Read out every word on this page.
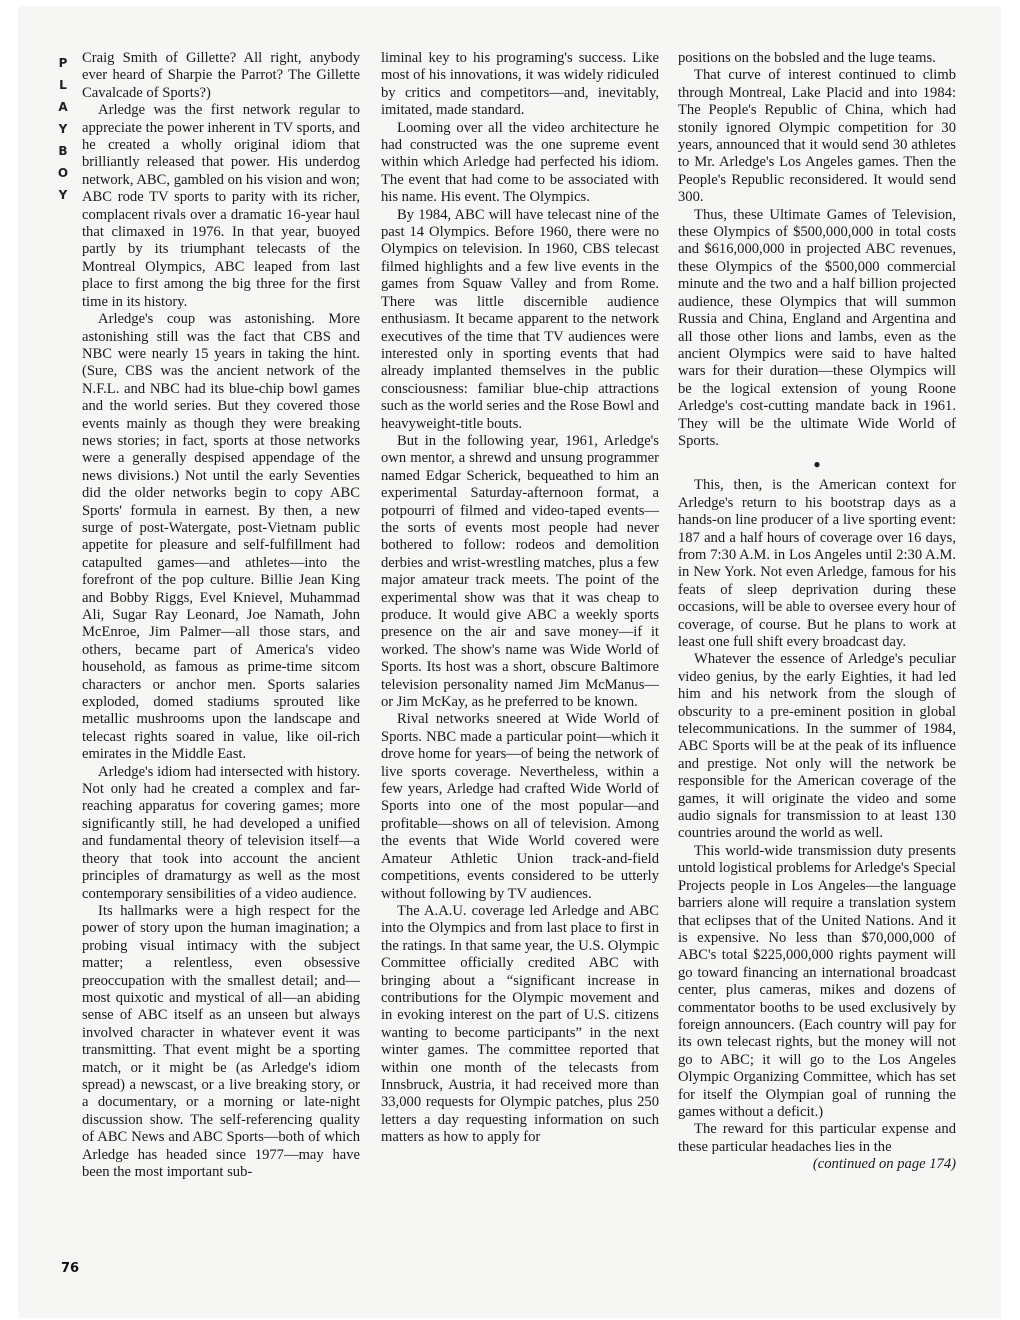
P
L
A
Y
B
O
Y
76

Craig Smith of Gillette? All right, anybody ever heard of Sharpie the Parrot? The Gillette Cavalcade of Sports?)

Arledge was the first network regular to appreciate the power inherent in TV sports, and he created a wholly original idiom that brilliantly released that power. His underdog network, ABC, gambled on his vision and won; ABC rode TV sports to parity with its richer, complacent rivals over a dramatic 16-year haul that climaxed in 1976. In that year, buoyed partly by its triumphant telecasts of the Montreal Olympics, ABC leaped from last place to first among the big three for the first time in its history.

Arledge's coup was astonishing. More astonishing still was the fact that CBS and NBC were nearly 15 years in taking the hint. (Sure, CBS was the ancient network of the N.F.L. and NBC had its blue-chip bowl games and the world series. But they covered those events mainly as though they were breaking news stories; in fact, sports at those networks were a generally despised appendage of the news divisions.) Not until the early Seventies did the older networks begin to copy ABC Sports' formula in earnest. By then, a new surge of post-Watergate, post-Vietnam public appetite for pleasure and self-fulfillment had catapulted games—and athletes—into the forefront of the pop culture. Billie Jean King and Bobby Riggs, Evel Knievel, Muhammad Ali, Sugar Ray Leonard, Joe Namath, John McEnroe, Jim Palmer—all those stars, and others, became part of America's video household, as famous as prime-time sitcom characters or anchor men. Sports salaries exploded, domed stadiums sprouted like metallic mushrooms upon the landscape and telecast rights soared in value, like oil-rich emirates in the Middle East.

Arledge's idiom had intersected with history. Not only had he created a complex and far-reaching apparatus for covering games; more significantly still, he had developed a unified and fundamental theory of television itself—a theory that took into account the ancient principles of dramaturgy as well as the most contemporary sensibilities of a video audience.

Its hallmarks were a high respect for the power of story upon the human imagination; a probing visual intimacy with the subject matter; a relentless, even obsessive preoccupation with the smallest detail; and—most quixotic and mystical of all—an abiding sense of ABC itself as an unseen but always involved character in whatever event it was transmitting. That event might be a sporting match, or it might be (as Arledge's idiom spread) a newscast, or a live breaking story, or a documentary, or a morning or late-night discussion show. The self-referencing quality of ABC News and ABC Sports—both of which Arledge has headed since 1977—may have been the most important sub-

liminal key to his programing's success. Like most of his innovations, it was widely ridiculed by critics and competitors—and, inevitably, imitated, made standard.

Looming over all the video architecture he had constructed was the one supreme event within which Arledge had perfected his idiom. The event that had come to be associated with his name. His event. The Olympics.

By 1984, ABC will have telecast nine of the past 14 Olympics. Before 1960, there were no Olympics on television. In 1960, CBS telecast filmed highlights and a few live events in the games from Squaw Valley and from Rome. There was little discernible audience enthusiasm. It became apparent to the network executives of the time that TV audiences were interested only in sporting events that had already implanted themselves in the public consciousness: familiar blue-chip attractions such as the world series and the Rose Bowl and heavyweight-title bouts.

But in the following year, 1961, Arledge's own mentor, a shrewd and unsung programmer named Edgar Scherick, bequeathed to him an experimental Saturday-afternoon format, a potpourri of filmed and video-taped events—the sorts of events most people had never bothered to follow: rodeos and demolition derbies and wrist-wrestling matches, plus a few major amateur track meets. The point of the experimental show was that it was cheap to produce. It would give ABC a weekly sports presence on the air and save money—if it worked. The show's name was Wide World of Sports. Its host was a short, obscure Baltimore television personality named Jim McManus—or Jim McKay, as he preferred to be known.

Rival networks sneered at Wide World of Sports. NBC made a particular point—which it drove home for years—of being the network of live sports coverage. Nevertheless, within a few years, Arledge had crafted Wide World of Sports into one of the most popular—and profitable—shows on all of television. Among the events that Wide World covered were Amateur Athletic Union track-and-field competitions, events considered to be utterly without following by TV audiences.

The A.A.U. coverage led Arledge and ABC into the Olympics and from last place to first in the ratings. In that same year, the U.S. Olympic Committee officially credited ABC with bringing about a “significant increase in contributions for the Olympic movement and in evoking interest on the part of U.S. citizens wanting to become participants” in the next winter games. The committee reported that within one month of the telecasts from Innsbruck, Austria, it had received more than 33,000 requests for Olympic patches, plus 250 letters a day requesting information on such matters as how to apply for

positions on the bobsled and the luge teams.

That curve of interest continued to climb through Montreal, Lake Placid and into 1984: The People's Republic of China, which had stonily ignored Olympic competition for 30 years, announced that it would send 30 athletes to Mr. Arledge's Los Angeles games. Then the People's Republic reconsidered. It would send 300.

Thus, these Ultimate Games of Television, these Olympics of $500,000,000 in total costs and $616,000,000 in projected ABC revenues, these Olympics of the $500,000 commercial minute and the two and a half billion projected audience, these Olympics that will summon Russia and China, England and Argentina and all those other lions and lambs, even as the ancient Olympics were said to have halted wars for their duration—these Olympics will be the logical extension of young Roone Arledge's cost-cutting mandate back in 1961. They will be the ultimate Wide World of Sports.

●

This, then, is the American context for Arledge's return to his bootstrap days as a hands-on line producer of a live sporting event: 187 and a half hours of coverage over 16 days, from 7:30 A.M. in Los Angeles until 2:30 A.M. in New York. Not even Arledge, famous for his feats of sleep deprivation during these occasions, will be able to oversee every hour of coverage, of course. But he plans to work at least one full shift every broadcast day.

Whatever the essence of Arledge's peculiar video genius, by the early Eighties, it had led him and his network from the slough of obscurity to a pre-eminent position in global telecommunications. In the summer of 1984, ABC Sports will be at the peak of its influence and prestige. Not only will the network be responsible for the American coverage of the games, it will originate the video and some audio signals for transmission to at least 130 countries around the world as well.

This world-wide transmission duty presents untold logistical problems for Arledge's Special Projects people in Los Angeles—the language barriers alone will require a translation system that eclipses that of the United Nations. And it is expensive. No less than $70,000,000 of ABC's total $225,000,000 rights payment will go toward financing an international broadcast center, plus cameras, mikes and dozens of commentator booths to be used exclusively by foreign announcers. (Each country will pay for its own telecast rights, but the money will not go to ABC; it will go to the Los Angeles Olympic Organizing Committee, which has set for itself the Olympian goal of running the games without a deficit.)

The reward for this particular expense and these particular headaches lies in the

(continued on page 174)
